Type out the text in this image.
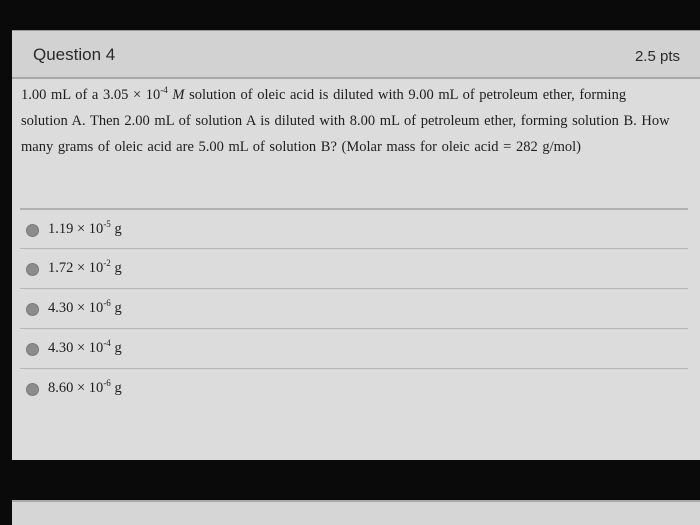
Question 4	2.5 pts
1.00 mL of a $3.05 \times 10^{-4}$ M solution of oleic acid is diluted with 9.00 mL of petroleum ether, forming solution A. Then 2.00 mL of solution A is diluted with 8.00 mL of petroleum ether, forming solution B. How many grams of oleic acid are 5.00 mL of solution B? (Molar mass for oleic acid = 282 g/mol)
$1.19 \times 10^{-5}$ g
$1.72 \times 10^{-2}$ g
$4.30 \times 10^{-6}$ g
$4.30 \times 10^{-4}$ g
$8.60 \times 10^{-6}$ g
